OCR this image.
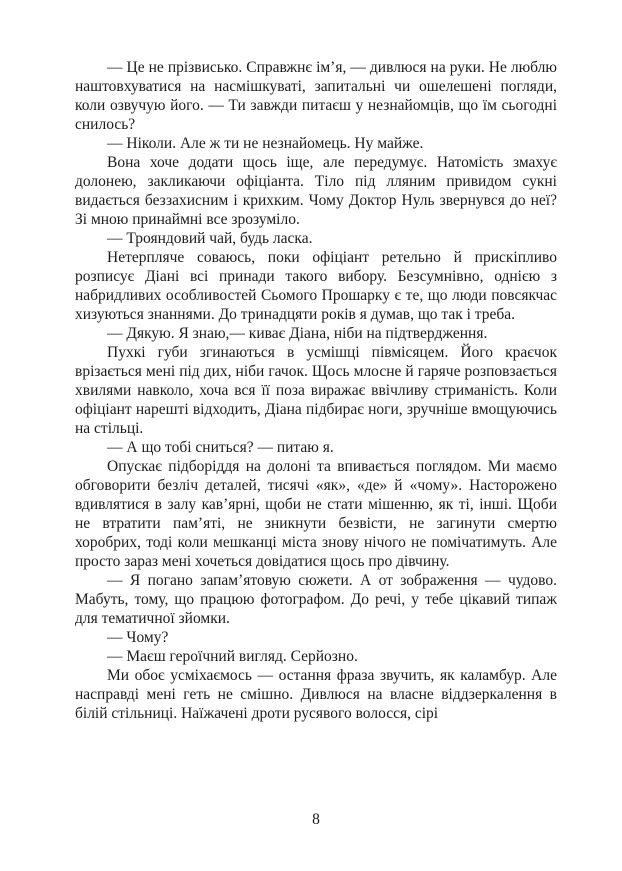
— Це не прізвисько. Справжнє ім’я, — дивлюся на руки. Не люблю наштовхуватися на насмішкуваті, запитальні чи ошелешені погляди, коли озвучую його. — Ти завжди питаєш у незнайомців, що їм сьогодні снилось?

— Ніколи. Але ж ти не незнайомець. Ну майже.

Вона хоче додати щось іще, але передумує. Натомість змахує долонею, закликаючи офіціанта. Тіло під лляним привидом сукні видається беззахисним і крихким. Чому Доктор Нуль звернувся до неї? Зі мною принаймні все зрозуміло.

— Трояндовий чай, будь ласка.

Нетерпляче соваюсь, поки офіціант ретельно й прискіпливо розписує Діані всі принади такого вибору. Безсумнівно, однією з набридливих особливостей Сьомого Прошарку є те, що люди повсякчас хизуються знаннями. До тринадцяти років я думав, що так і треба.

— Дякую. Я знаю,— киває Діана, ніби на підтвердження.

Пухкі губи згинаються в усмішці півмісяцем. Його краєчок врізається мені під дих, ніби гачок. Щось млосне й гаряче розповзається хвилями навколо, хоча вся її поза виражає ввічливу стриманість. Коли офіціант нарешті відходить, Діана підбирає ноги, зручніше вмощуючись на стільці.

— А що тобі сниться? — питаю я.

Опускає підборіддя на долоні та впивається поглядом. Ми маємо обговорити безліч деталей, тисячі «як», «де» й «чому». Насторожено вдивлятися в залу кав’ярні, щоби не стати мішенню, як ті, інші. Щоби не втратити пам’яті, не зникнути безвісти, не загинути смертю хоробрих, тоді коли мешканці міста знову нічого не помічатимуть. Але просто зараз мені хочеться довідатися щось про дівчину.

— Я погано запам’ятовую сюжети. А от зображення — чудово. Мабуть, тому, що працюю фотографом. До речі, у тебе цікавий типаж для тематичної зйомки.

— Чому?

— Маєш героїчний вигляд. Серйозно.

Ми обоє усміхаємось — остання фраза звучить, як каламбур. Але насправді мені геть не смішно. Дивлюся на власне віддзеркалення в білій стільниці. Наїжачені дроти русявого волосся, сірі

8
